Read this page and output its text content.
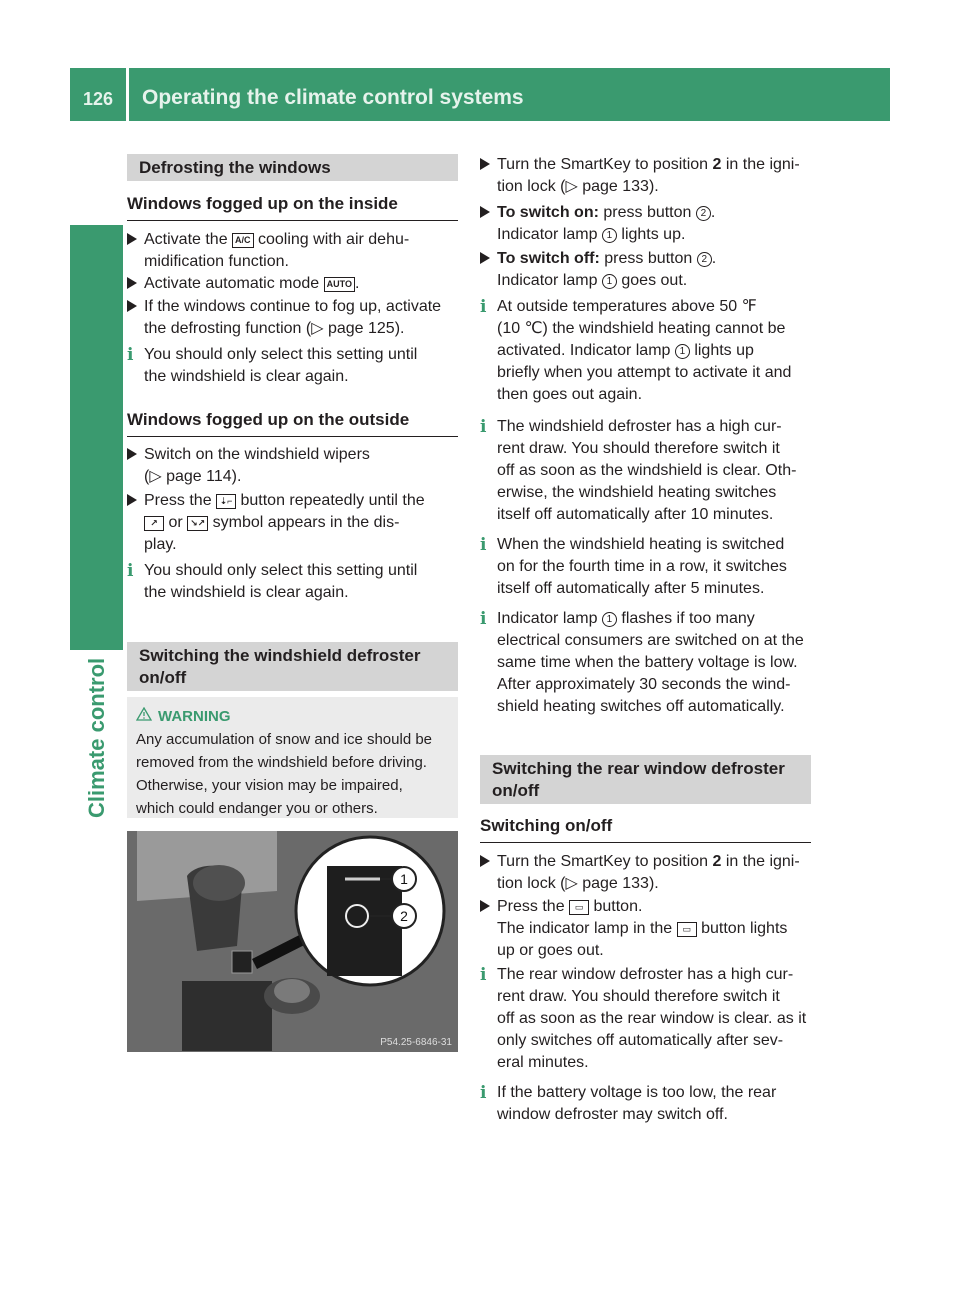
126 Operating the climate control systems
Climate control
Defrosting the windows
Windows fogged up on the inside
Activate the A/C cooling with air dehu-
midification function.
Activate automatic mode AUTO .
If the windows continue to fog up, activate
the defrosting function (▷ page 125).
i You should only select this setting until
the windshield is clear again.
Windows fogged up on the outside
Switch on the windshield wipers
(▷ page 114).
Press the ⇣⌐ button repeatedly until the
↗ or ↘↗ symbol appears in the dis-
play.
i You should only select this setting until
the windshield is clear again.
Switching the windshield defroster
on/off
WARNING
Any accumulation of snow and ice should be
removed from the windshield before driving.
Otherwise, your vision may be impaired,
which could endanger you or others.
1
2
P54.25-6846-31
Turn the SmartKey to position 2 in the igni-
tion lock (▷ page 133).
To switch on: press button 2 .
Indicator lamp 1 lights up.
To switch off: press button 2 .
Indicator lamp 1 goes out.
i At outside temperatures above 50 ℉
(10 ℃) the windshield heating cannot be
activated. Indicator lamp 1 lights up
briefly when you attempt to activate it and
then goes out again.
i The windshield defroster has a high cur-
rent draw. You should therefore switch it
off as soon as the windshield is clear. Oth-
erwise, the windshield heating switches
itself off automatically after 10 minutes.
i When the windshield heating is switched
on for the fourth time in a row, it switches
itself off automatically after 5 minutes.
i Indicator lamp 1 flashes if too many
electrical consumers are switched on at the
same time when the battery voltage is low.
After approximately 30 seconds the wind-
shield heating switches off automatically.
Switching the rear window defroster
on/off
Switching on/off
Turn the SmartKey to position 2 in the igni-
tion lock (▷ page 133).
Press the ▭ button.
The indicator lamp in the ▭ button lights
up or goes out.
i The rear window defroster has a high cur-
rent draw. You should therefore switch it
off as soon as the rear window is clear. as it
only switches off automatically after sev-
eral minutes.
i If the battery voltage is too low, the rear
window defroster may switch off.
